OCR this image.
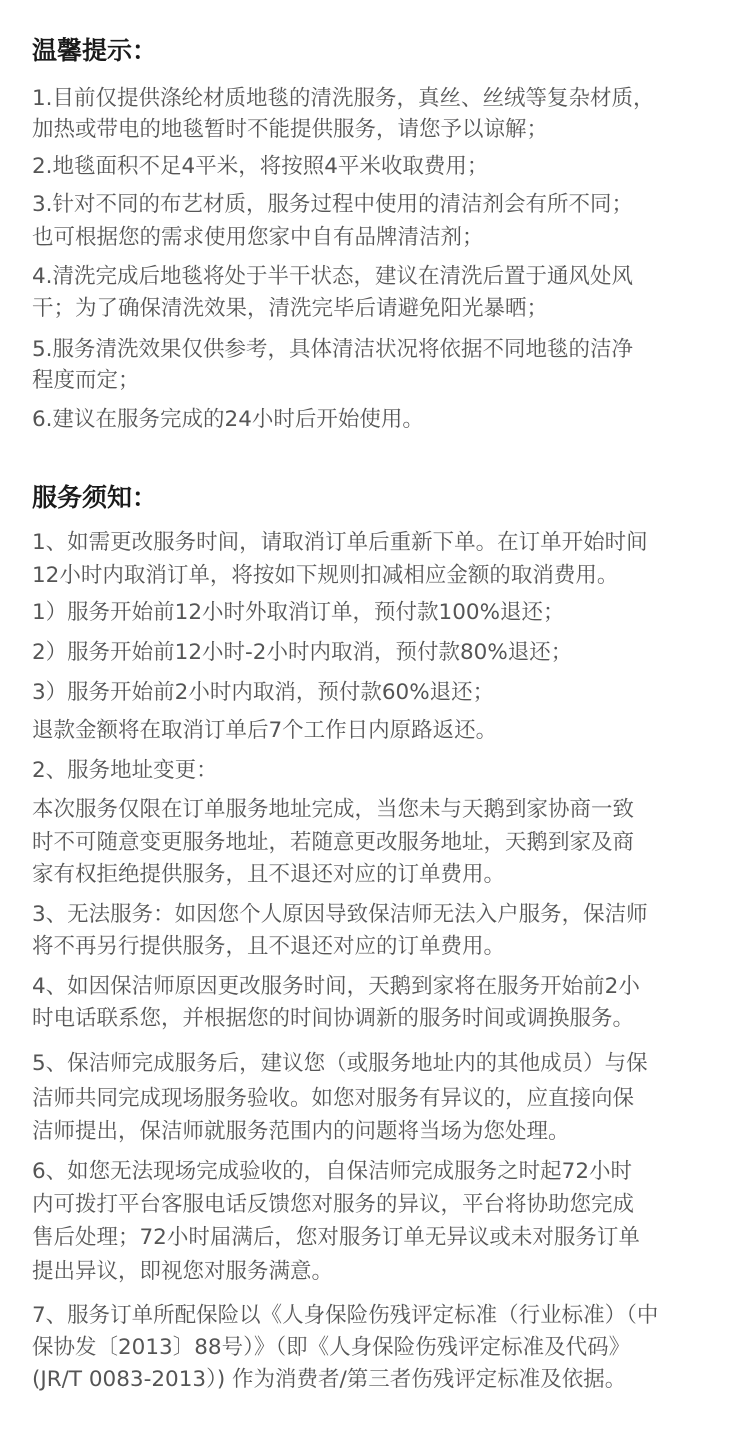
温馨提示：

1.目前仅提供涤纶材质地毯的清洗服务，真丝、丝绒等复杂材质，

加热或带电的地毯暂时不能提供服务，请您予以谅解；

2.地毯面积不足4平米，将按照4平米收取费用；

3.针对不同的布艺材质，服务过程中使用的清洁剂会有所不同；

也可根据您的需求使用您家中自有品牌清洁剂；

4.清洗完成后地毯将处于半干状态，建议在清洗后置于通风处风

干；为了确保清洗效果，清洗完毕后请避免阳光暴晒；

5.服务清洗效果仅供参考，具体清洁状况将依据不同地毯的洁净

程度而定；

6.建议在服务完成的24小时后开始使用。

服务须知：

1、如需更改服务时间，请取消订单后重新下单。在订单开始时间

12小时内取消订单，将按如下规则扣减相应金额的取消费用。

1）服务开始前12小时外取消订单，预付款100%退还；

2）服务开始前12小时-2小时内取消，预付款80%退还；

3）服务开始前2小时内取消，预付款60%退还；

退款金额将在取消订单后7个工作日内原路返还。

2、服务地址变更：

本次服务仅限在订单服务地址完成，当您未与天鹅到家协商一致

时不可随意变更服务地址，若随意更改服务地址，天鹅到家及商

家有权拒绝提供服务，且不退还对应的订单费用。

3、无法服务：如因您个人原因导致保洁师无法入户服务，保洁师

将不再另行提供服务，且不退还对应的订单费用。

4、如因保洁师原因更改服务时间，天鹅到家将在服务开始前2小

时电话联系您，并根据您的时间协调新的服务时间或调换服务。

5、保洁师完成服务后，建议您（或服务地址内的其他成员）与保

洁师共同完成现场服务验收。如您对服务有异议的，应直接向保

洁师提出，保洁师就服务范围内的问题将当场为您处理。

6、如您无法现场完成验收的，自保洁师完成服务之时起72小时

内可拨打平台客服电话反馈您对服务的异议，平台将协助您完成

售后处理；72小时届满后，您对服务订单无异议或未对服务订单

提出异议，即视您对服务满意。

7、服务订单所配保险以《人身保险伤残评定标准（行业标准）（中

保协发〔2013〕88号）》（即《人身保险伤残评定标准及代码》

(JR/T 0083-2013）) 作为消费者/第三者伤残评定标准及依据。
